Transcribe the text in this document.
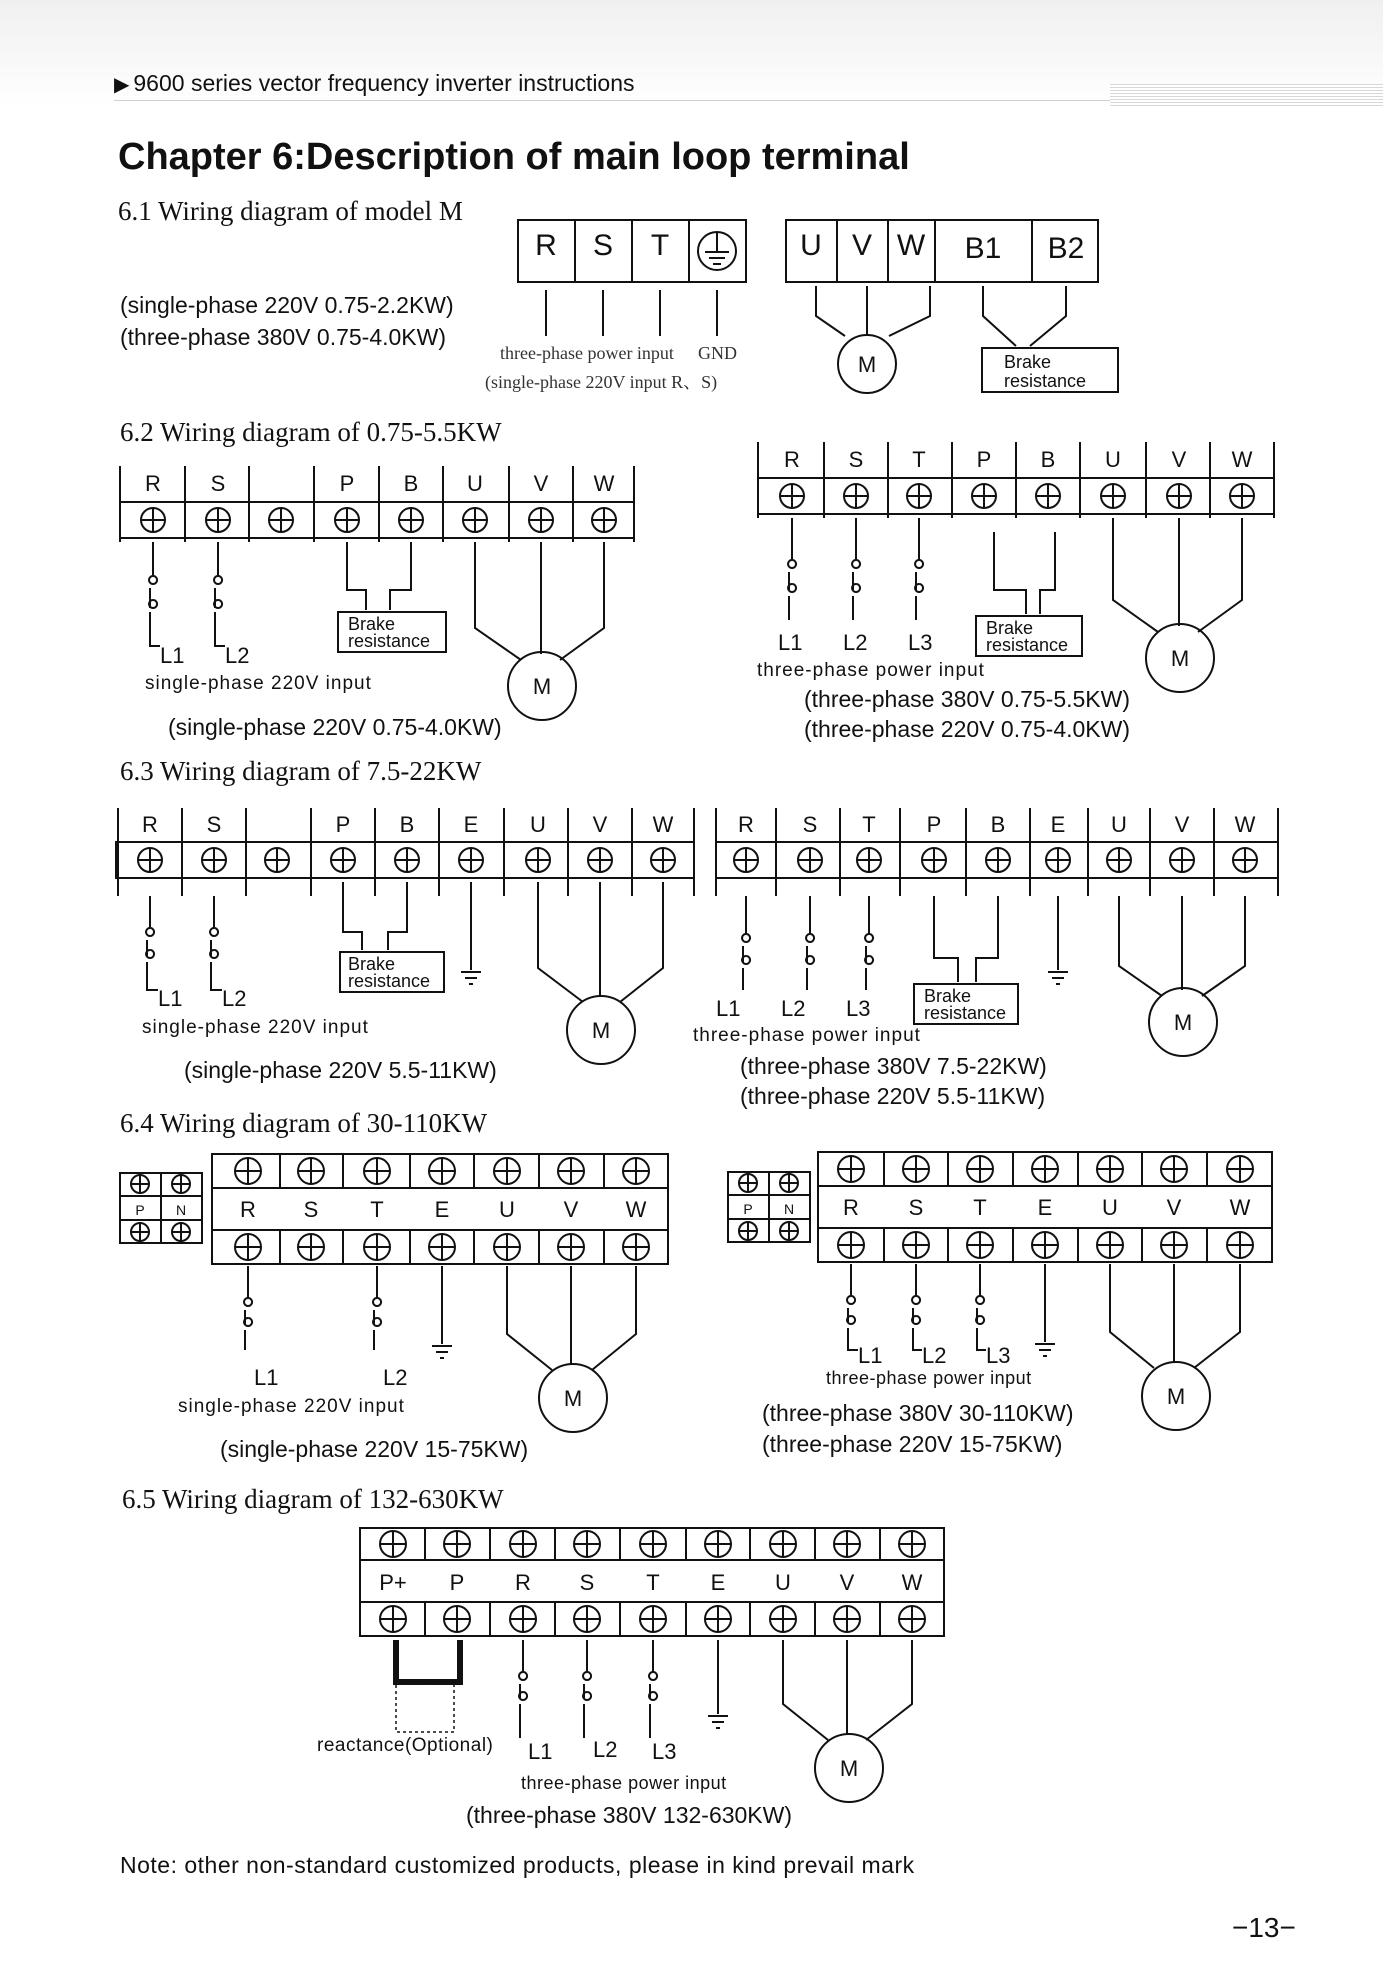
▶ 9600 series vector frequency inverter instructions
Chapter 6:Description of main loop terminal
6.1 Wiring diagram of model M
(single-phase 220V 0.75-2.2KW)
(three-phase 380V 0.75-4.0KW)
three-phase power input GND
(single-phase 220V input R、S)
R S T	U V W B1 B2
M	Brake
resistance
6.2 Wiring diagram of 0.75-5.5KW
single-phase 220V input
(single-phase 220V 0.75-4.0KW)
three-phase power input
(three-phase 380V 0.75-5.5KW)
(three-phase 220V 0.75-4.0KW)
R S	P B U V W
L1 L2
Brake
resistance
M
R S T P B U V W
L1 L2 L3
Brake
resistance
M
6.3 Wiring diagram of 7.5-22KW
single-phase 220V input
(single-phase 220V 5.5-11KW)
three-phase power input
(three-phase 380V 7.5-22KW)
(three-phase 220V 5.5-11KW)
R S	P B E U V W
L1 L2
Brake
resistance
M
R S T P B E U V W
L1 L2 L3	Brake
resistance	M
6.4 Wiring diagram of 30-110KW
single-phase 220V input
(single-phase 220V 15-75KW)
three-phase power input
(three-phase 380V 30-110KW)
(three-phase 220V 15-75KW)
P N R S T E U V W
L1	L2
M
P N R S T E U V W
L1 L2 L3
M
6.5 Wiring diagram of 132-630KW
reactance(Optional)
three-phase power input
(three-phase 380V 132-630KW)
P+ P R S T E U V W
L1 L2 L3
M
Note: other non-standard customized products, please in kind prevail mark
−13−
